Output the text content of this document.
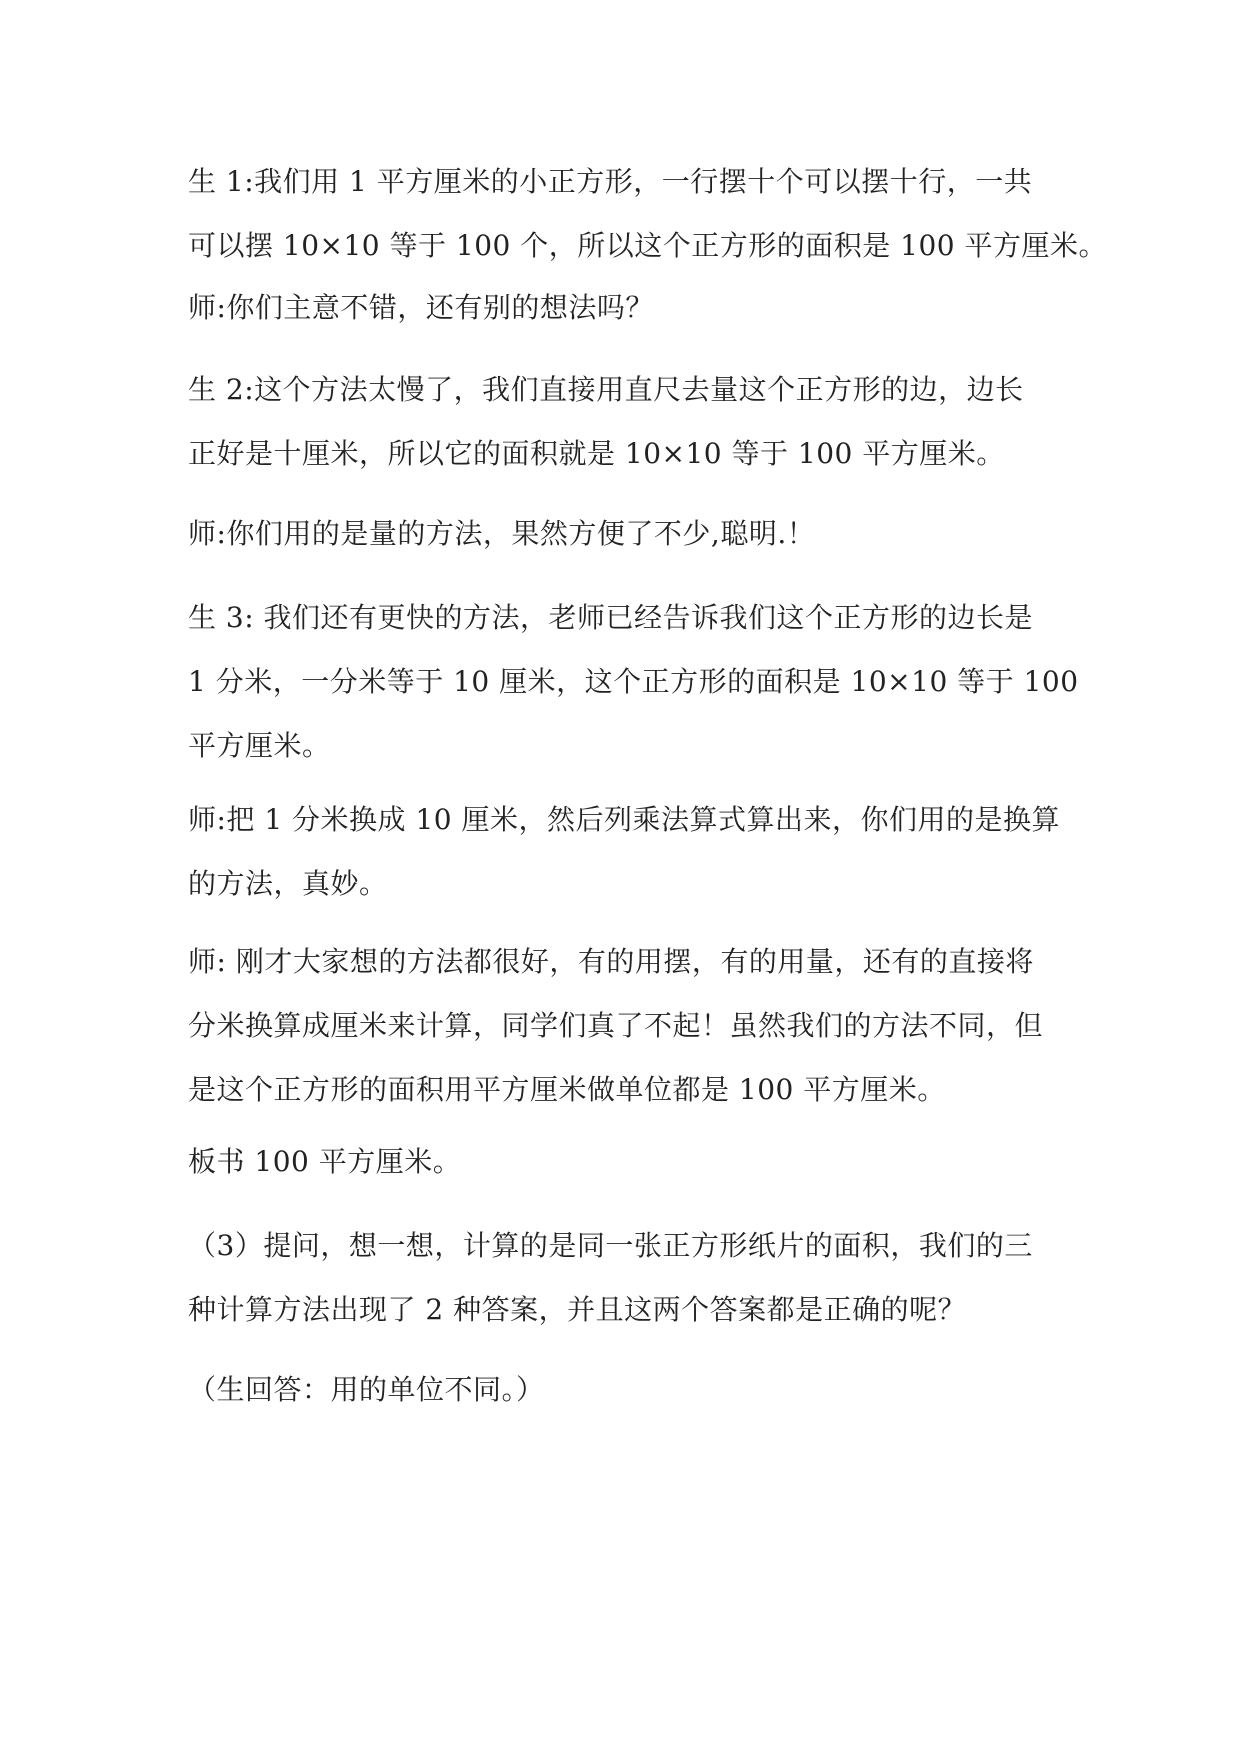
生 1:我们用 1 平方厘米的小正方形，一行摆十个可以摆十行，一共
可以摆 10×10 等于 100 个，所以这个正方形的面积是 100 平方厘米。
师:你们主意不错，还有别的想法吗？
生 2:这个方法太慢了，我们直接用直尺去量这个正方形的边，边长
正好是十厘米，所以它的面积就是 10×10 等于 100 平方厘米。
师:你们用的是量的方法，果然方便了不少,聪明.！
生 3: 我们还有更快的方法，老师已经告诉我们这个正方形的边长是
1 分米，一分米等于 10 厘米，这个正方形的面积是 10×10 等于 100
平方厘米。
师:把 1 分米换成 10 厘米，然后列乘法算式算出来，你们用的是换算
的方法，真妙。
师: 刚才大家想的方法都很好，有的用摆，有的用量，还有的直接将
分米换算成厘米来计算，同学们真了不起！虽然我们的方法不同，但
是这个正方形的面积用平方厘米做单位都是 100 平方厘米。
板书 100 平方厘米。
（3）提问，想一想，计算的是同一张正方形纸片的面积，我们的三
种计算方法出现了 2 种答案，并且这两个答案都是正确的呢？
（生回答：用的单位不同。）
